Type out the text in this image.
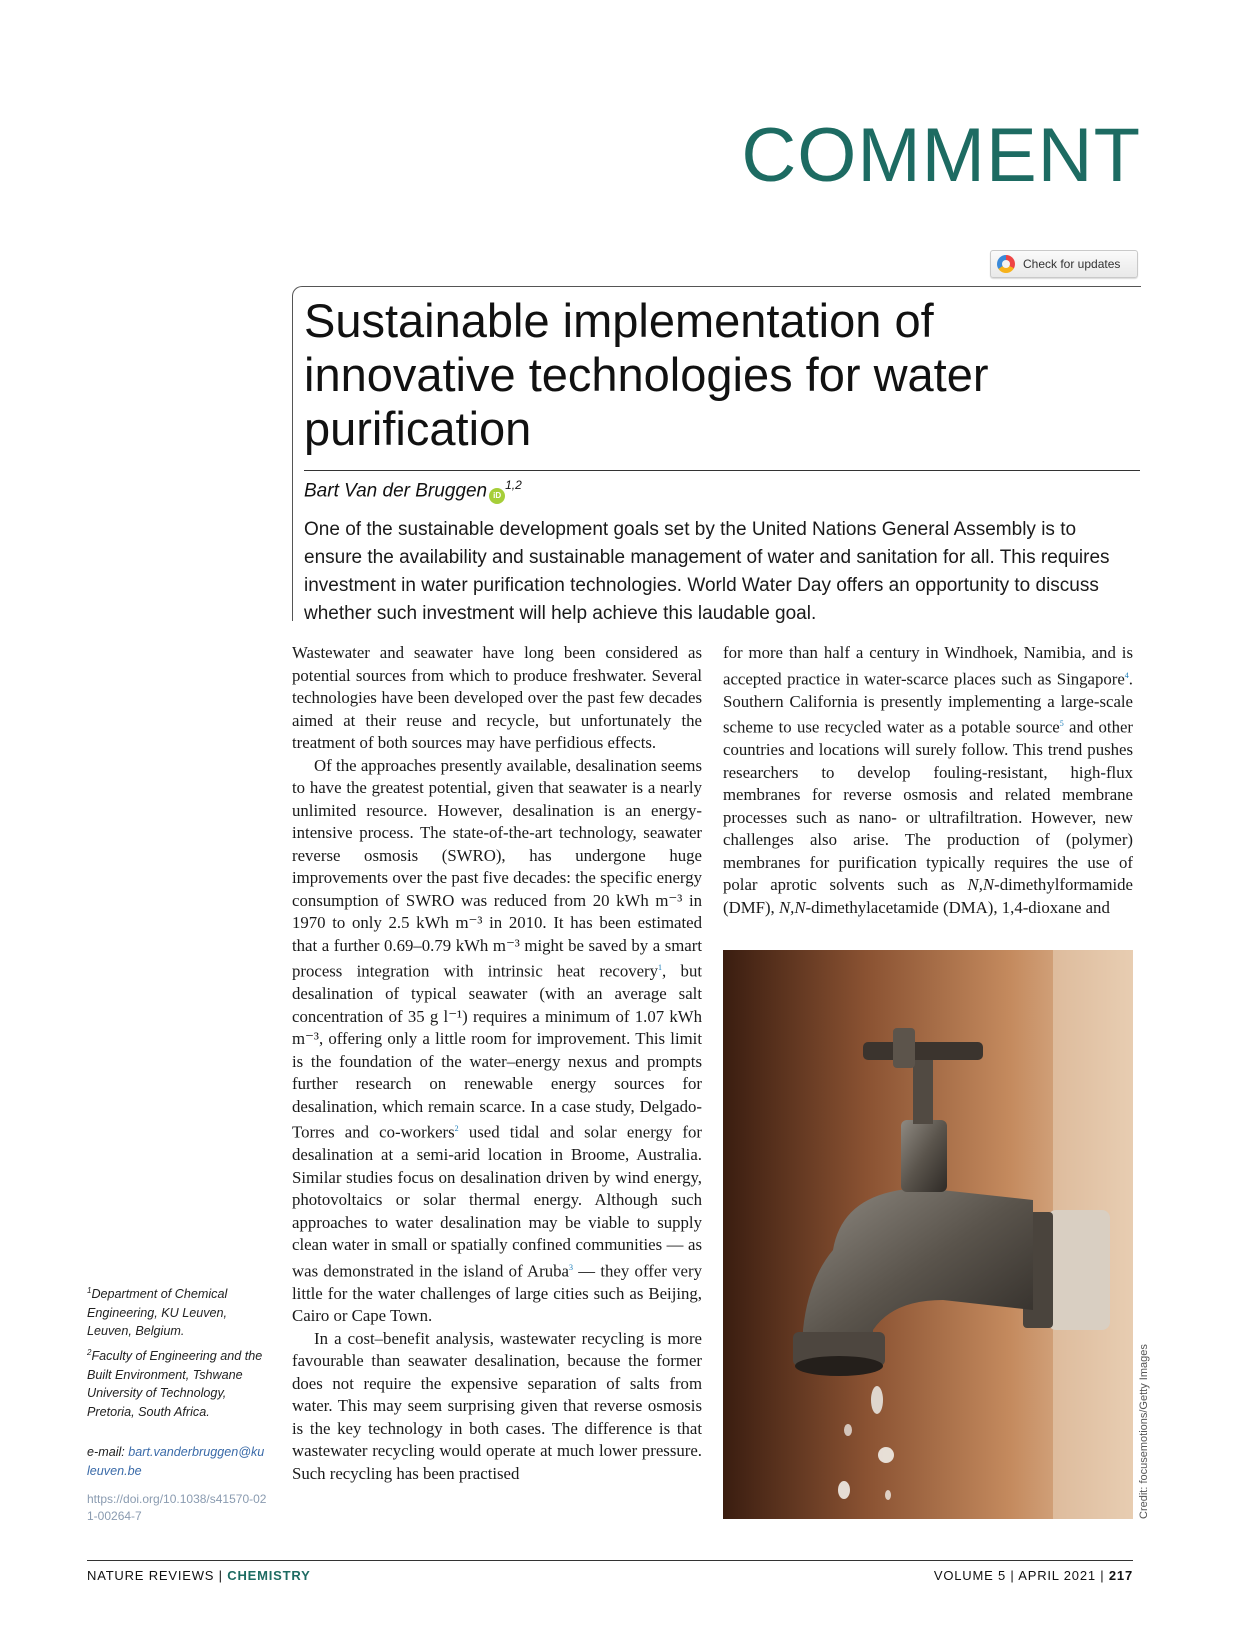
COMMENT
Check for updates
Sustainable implementation of innovative technologies for water purification
Bart Van der Bruggen iD$^{1,2}$
One of the sustainable development goals set by the United Nations General Assembly is to ensure the availability and sustainable management of water and sanitation for all. This requires investment in water purification technologies. World Water Day offers an opportunity to discuss whether such investment will help achieve this laudable goal.

Wastewater and seawater have long been considered as potential sources from which to produce freshwater. Several technologies have been developed over the past few decades aimed at their reuse and recycle, but unfortunately the treatment of both sources may have perfidious effects.

Of the approaches presently available, desalination seems to have the greatest potential, given that seawater is a nearly unlimited resource. However, desalination is an energy-intensive process. The state-of-the-art technology, seawater reverse osmosis (SWRO), has undergone huge improvements over the past five decades: the specific energy consumption of SWRO was reduced from 20 kWh m⁻³ in 1970 to only 2.5 kWh m⁻³ in 2010. It has been estimated that a further 0.69–0.79 kWh m⁻³ might be saved by a smart process integration with intrinsic heat recovery$^1$, but desalination of typical seawater (with an average salt concentration of 35 g l⁻¹) requires a minimum of 1.07 kWh m⁻³, offering only a little room for improvement. This limit is the foundation of the water–energy nexus and prompts further research on renewable energy sources for desalination, which remain scarce. In a case study, Delgado-Torres and co-workers$^2$ used tidal and solar energy for desalination at a semi-arid location in Broome, Australia. Similar studies focus on desalination driven by wind energy, photovoltaics or solar thermal energy. Although such approaches to water desalination may be viable to supply clean water in small or spatially confined communities — as was demonstrated in the island of Aruba$^3$ — they offer very little for the water challenges of large cities such as Beijing, Cairo or Cape Town.

In a cost–benefit analysis, wastewater recycling is more favourable than seawater desalination, because the former does not require the expensive separation of salts from water. This may seem surprising given that reverse osmosis is the key technology in both cases. The difference is that wastewater recycling would operate at much lower pressure. Such recycling has been practised

for more than half a century in Windhoek, Namibia, and is accepted practice in water-scarce places such as Singapore$^4$. Southern California is presently implementing a large-scale scheme to use recycled water as a potable source$^5$ and other countries and locations will surely follow. This trend pushes researchers to develop fouling-resistant, high-flux membranes for reverse osmosis and related membrane processes such as nano- or ultrafiltration. However, new challenges also arise. The production of (polymer) membranes for purification typically requires the use of polar aprotic solvents such as N,N-dimethylformamide (DMF), N,N-dimethylacetamide (DMA), 1,4-dioxane and

Credit: focusemotions/Getty Images
$^1$Department of Chemical Engineering, KU Leuven, Leuven, Belgium.
$^2$Faculty of Engineering and the Built Environment, Tshwane University of Technology, Pretoria, South Africa.
e-mail: bart.vanderbruggen@kuleuven.be
https://doi.org/10.1038/s41570-021-00264-7
NATURE REVIEWS | CHEMISTRY	VOLUME 5 | APRIL 2021 | 217
